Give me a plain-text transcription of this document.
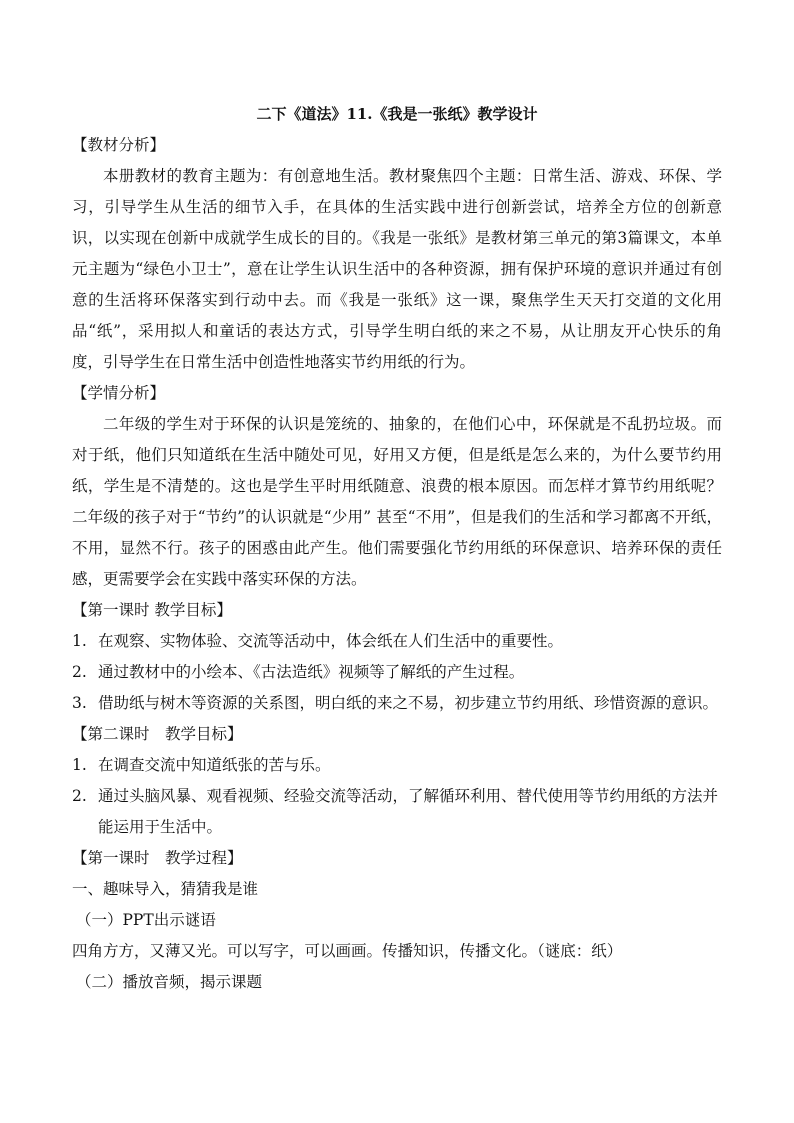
二下《道法》11.《我是一张纸》教学设计

【教材分析】

本册教材的教育主题为：有创意地生活。教材聚焦四个主题：日常生活、游戏、环保、学习，引导学生从生活的细节入手，在具体的生活实践中进行创新尝试，培养全方位的创新意识，以实现在创新中成就学生成长的目的。《我是一张纸》是教材第三单元的第3篇课文，本单元主题为“绿色小卫士”，意在让学生认识生活中的各种资源，拥有保护环境的意识并通过有创意的生活将环保落实到行动中去。而《我是一张纸》这一课，聚焦学生天天打交道的文化用品“纸”，采用拟人和童话的表达方式，引导学生明白纸的来之不易，从让朋友开心快乐的角度，引导学生在日常生活中创造性地落实节约用纸的行为。

【学情分析】

二年级的学生对于环保的认识是笼统的、抽象的，在他们心中，环保就是不乱扔垃圾。而对于纸，他们只知道纸在生活中随处可见，好用又方便，但是纸是怎么来的，为什么要节约用纸，学生是不清楚的。这也是学生平时用纸随意、浪费的根本原因。而怎样才算节约用纸呢？二年级的孩子对于“节约”的认识就是“少用” 甚至“不用”，但是我们的生活和学习都离不开纸，不用，显然不行。孩子的困惑由此产生。他们需要强化节约用纸的环保意识、培养环保的责任感，更需要学会在实践中落实环保的方法。

【第一课时 教学目标】

1. 在观察、实物体验、交流等活动中，体会纸在人们生活中的重要性。

2. 通过教材中的小绘本、《古法造纸》视频等了解纸的产生过程。

3. 借助纸与树木等资源的关系图，明白纸的来之不易，初步建立节约用纸、珍惜资源的意识。

【第二课时　教学目标】

1. 在调查交流中知道纸张的苦与乐。

2. 通过头脑风暴、观看视频、经验交流等活动，了解循环利用、替代使用等节约用纸的方法并能运用于生活中。

【第一课时　教学过程】

一、趣味导入，猜猜我是谁

（一）PPT出示谜语

四角方方，又薄又光。可以写字，可以画画。传播知识，传播文化。（谜底：纸）

（二）播放音频，揭示课题
